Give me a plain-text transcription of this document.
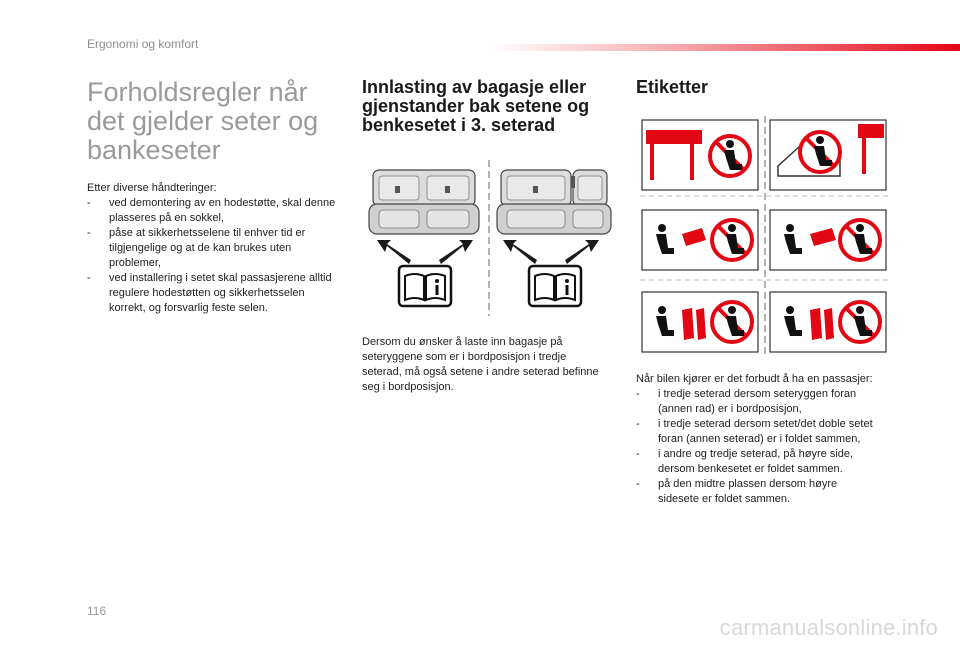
Ergonomi og komfort
Forholdsregler når det gjelder seter og bankeseter

Etter diverse håndteringer:

- ved demontering av en hodestøtte, skal denne plasseres på en sokkel,
- påse at sikkerhetsselene til enhver tid er tilgjengelige og at de kan brukes uten problemer,
- ved installering i setet skal passasjerene alltid regulere hodestøtten og sikkerhetsselen korrekt, og forsvarlig feste selen.
Innlasting av bagasje eller gjenstander bak setene og benkesetet i 3. seterad

Dersom du ønsker å laste inn bagasje på seteryggene som er i bordposisjon i tredje seterad, må også setene i andre seterad befinne seg i bordposisjon.

Etiketter

Når bilen kjører er det forbudt å ha en passasjer:

- i tredje seterad dersom seteryggen foran (annen rad) er i bordposisjon,
- i tredje seterad dersom setet/det doble setet foran (annen seterad) er i foldet sammen,
- i andre og tredje seterad, på høyre side, dersom benkesetet er foldet sammen.
- på den midtre plassen dersom høyre sidesete er foldet sammen.
116
carmanualsonline.info
